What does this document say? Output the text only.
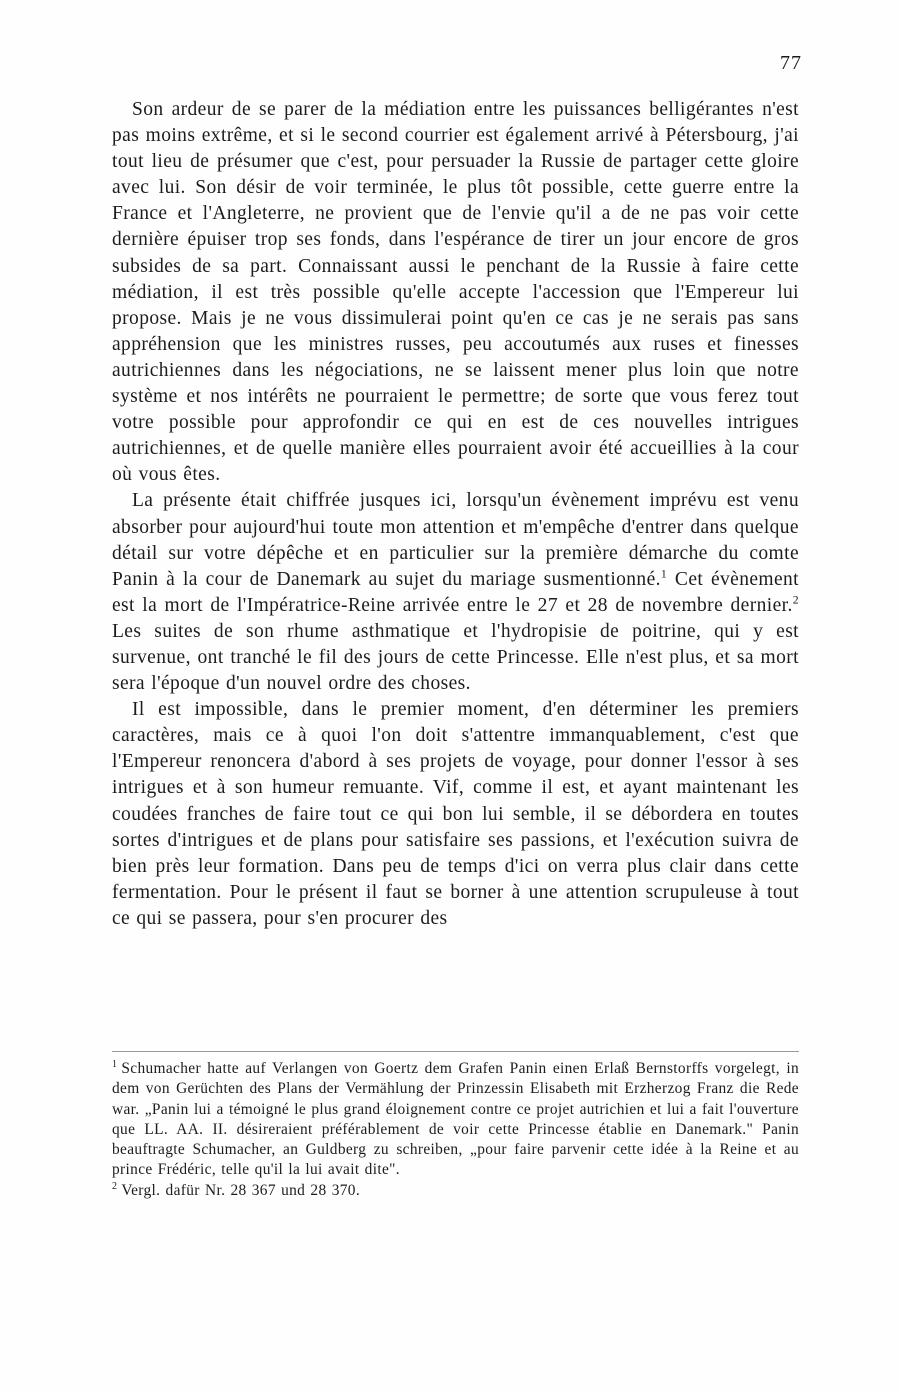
77

Son ardeur de se parer de la médiation entre les puissances belligérantes n'est pas moins extrême, et si le second courrier est également arrivé à Pétersbourg, j'ai tout lieu de présumer que c'est, pour persuader la Russie de partager cette gloire avec lui. Son désir de voir terminée, le plus tôt possible, cette guerre entre la France et l'Angleterre, ne provient que de l'envie qu'il a de ne pas voir cette dernière épuiser trop ses fonds, dans l'espérance de tirer un jour encore de gros subsides de sa part. Connaissant aussi le penchant de la Russie à faire cette médiation, il est très possible qu'elle accepte l'accession que l'Empereur lui propose. Mais je ne vous dissimulerai point qu'en ce cas je ne serais pas sans appréhension que les ministres russes, peu accoutumés aux ruses et finesses autrichiennes dans les négociations, ne se laissent mener plus loin que notre système et nos intérêts ne pourraient le permettre; de sorte que vous ferez tout votre possible pour approfondir ce qui en est de ces nouvelles intrigues autrichiennes, et de quelle manière elles pourraient avoir été accueillies à la cour où vous êtes.

La présente était chiffrée jusques ici, lorsqu'un évènement imprévu est venu absorber pour aujourd'hui toute mon attention et m'empêche d'entrer dans quelque détail sur votre dépêche et en particulier sur la première démarche du comte Panin à la cour de Danemark au sujet du mariage susmentionné.$^1$ Cet évènement est la mort de l'Impératrice-Reine arrivée entre le 27 et 28 de novembre dernier.$^2$ Les suites de son rhume asthmatique et l'hydropisie de poitrine, qui y est survenue, ont tranché le fil des jours de cette Princesse. Elle n'est plus, et sa mort sera l'époque d'un nouvel ordre des choses.

Il est impossible, dans le premier moment, d'en déterminer les premiers caractères, mais ce à quoi l'on doit s'attentre immanquablement, c'est que l'Empereur renoncera d'abord à ses projets de voyage, pour donner l'essor à ses intrigues et à son humeur remuante. Vif, comme il est, et ayant maintenant les coudées franches de faire tout ce qui bon lui semble, il se débordera en toutes sortes d'intrigues et de plans pour satisfaire ses passions, et l'exécution suivra de bien près leur formation. Dans peu de temps d'ici on verra plus clair dans cette fermentation. Pour le présent il faut se borner à une attention scrupuleuse à tout ce qui se passera, pour s'en procurer des

$^1$ Schumacher hatte auf Verlangen von Goertz dem Grafen Panin einen Erlaß Bernstorffs vorgelegt, in dem von Gerüchten des Plans der Vermählung der Prinzessin Elisabeth mit Erzherzog Franz die Rede war. „Panin lui a témoigné le plus grand éloignement contre ce projet autrichien et lui a fait l'ouverture que LL. AA. II. désireraient préférablement de voir cette Princesse établie en Danemark." Panin beauftragte Schumacher, an Guldberg zu schreiben, „pour faire parvenir cette idée à la Reine et au prince Frédéric, telle qu'il la lui avait dite".

$^2$ Vergl. dafür Nr. 28 367 und 28 370.
